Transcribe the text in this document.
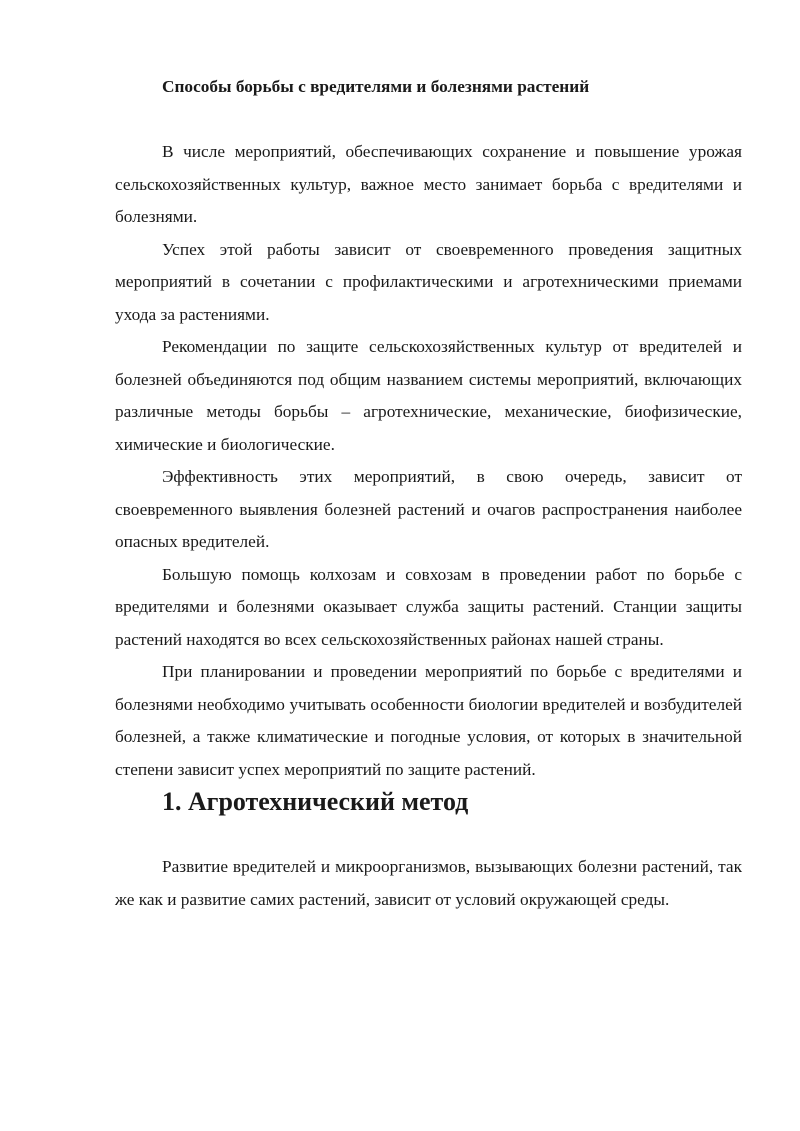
Способы борьбы с вредителями и болезнями растений

В числе мероприятий, обеспечивающих сохранение и повышение урожая сельскохозяйственных культур, важное место занимает борьба с вредителями и болезнями.

Успех этой работы зависит от своевременного проведения защитных мероприятий в сочетании с профилактическими и агротехническими приемами ухода за растениями.

Рекомендации по защите сельскохозяйственных культур от вредителей и болезней объединяются под общим названием системы мероприятий, включающих различные методы борьбы – агротехнические, механические, биофизические, химические и биологические.

Эффективность этих мероприятий, в свою очередь, зависит от своевременного выявления болезней растений и очагов распространения наиболее опасных вредителей.

Большую помощь колхозам и совхозам в проведении работ по борьбе с вредителями и болезнями оказывает служба защиты растений. Станции защиты растений находятся во всех сельскохозяйственных районах нашей страны.

При планировании и проведении мероприятий по борьбе с вредителями и болезнями необходимо учитывать особенности биологии вредителей и возбудителей болезней, а также климатические и погодные условия, от которых в значительной степени зависит успех мероприятий по защите растений.

1. Агротехнический метод

Развитие вредителей и микроорганизмов, вызывающих болезни растений, так же как и развитие самих растений, зависит от условий окружающей среды.
